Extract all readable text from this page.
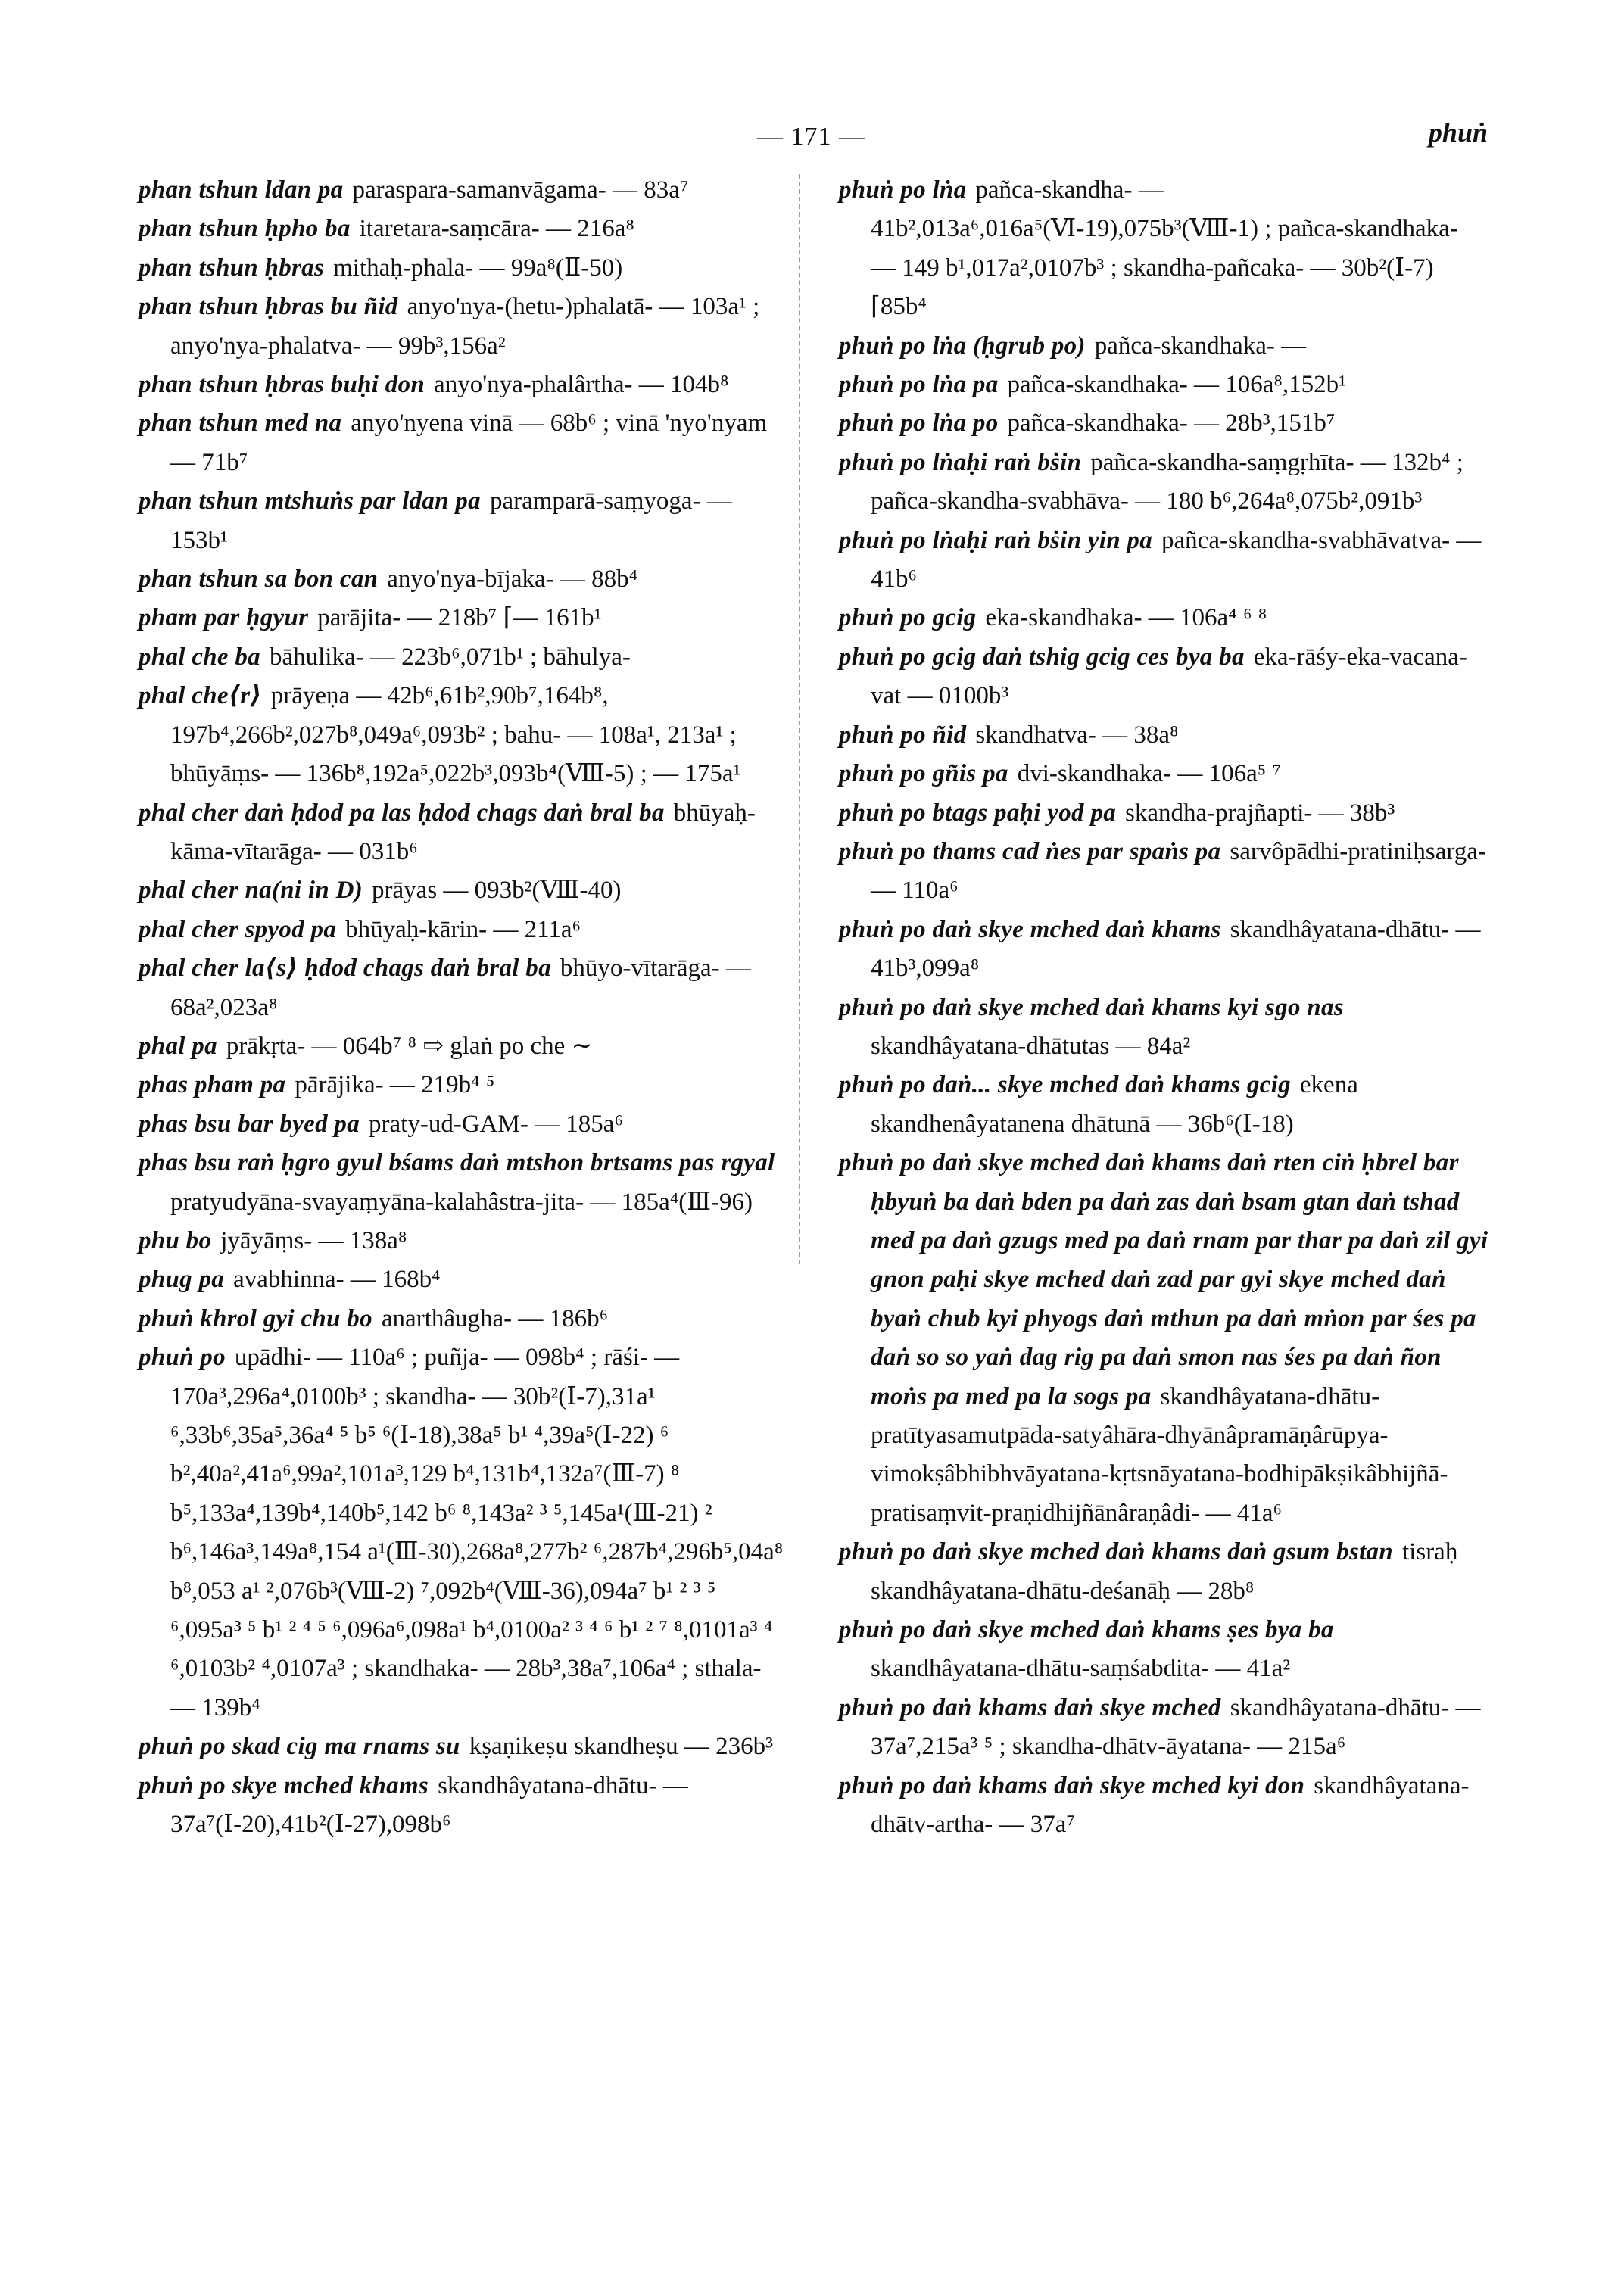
— 171 —	phuṅ

phan tshun ldan pa paraspara-samanvāgama- — 83a⁷

phan tshun ḥpho ba itaretara-saṃcāra- — 216a⁸

phan tshun ḥbras mithaḥ-phala- — 99a⁸(Ⅱ-50)

phan tshun ḥbras bu ñid anyo'nya-(hetu-)phalatā- — 103a¹ ; anyo'nya-phalatva- — 99b³,156a²

phan tshun ḥbras buḥi don anyo'nya-phalârtha- — 104b⁸

phan tshun med na anyo'nyena vinā — 68b⁶ ; vinā 'nyo'nyam — 71b⁷

phan tshun mtshuṅs par ldan pa paramparā-saṃyoga- — 153b¹

phan tshun sa bon can anyo'nya-bījaka- — 88b⁴

pham par ḥgyur parājita- — 218b⁷ ⌈— 161b¹

phal che ba bāhulika- — 223b⁶,071b¹ ; bāhulya-

phal che⟨r⟩ prāyeṇa — 42b⁶,61b²,90b⁷,164b⁸, 197b⁴,266b²,027b⁸,049a⁶,093b² ; bahu- — 108a¹, 213a¹ ; bhūyāṃs- — 136b⁸,192a⁵,022b³,093b⁴(Ⅷ-5) ; — 175a¹

phal cher daṅ ḥdod pa las ḥdod chags daṅ bral ba bhūyaḥ-kāma-vītarāga- — 031b⁶

phal cher na(ni in D) prāyas — 093b²(Ⅷ-40)

phal cher spyod pa bhūyaḥ-kārin- — 211a⁶

phal cher la⟨s⟩ ḥdod chags daṅ bral ba bhūyo-vītarāga- — 68a²,023a⁸

phal pa prākṛta- — 064b⁷ ⁸ ⇨ glaṅ po che ∼

phas pham pa pārājika- — 219b⁴ ⁵

phas bsu bar byed pa praty-ud-GAM- — 185a⁶

phas bsu raṅ ḥgro gyul bśams daṅ mtshon brtsams pas rgyalpratyudyāna-svayaṃyāna-kalahâstra-jita- — 185a⁴(Ⅲ-96)

phu bo jyāyāṃs- — 138a⁸

phug pa avabhinna- — 168b⁴

phuṅ khrol gyi chu bo anarthâugha- — 186b⁶

phuṅ po upādhi- — 110a⁶ ; puñja- — 098b⁴ ; rāśi- — 170a³,296a⁴,0100b³ ; skandha- — 30b²(Ⅰ-7),31a¹ ⁶,33b⁶,35a⁵,36a⁴ ⁵ b⁵ ⁶(Ⅰ-18),38a⁵ b¹ ⁴,39a⁵(Ⅰ-22) ⁶ b²,40a²,41a⁶,99a²,101a³,129 b⁴,131b⁴,132a⁷(Ⅲ-7) ⁸ b⁵,133a⁴,139b⁴,140b⁵,142 b⁶ ⁸,143a² ³ ⁵,145a¹(Ⅲ-21) ² b⁶,146a³,149a⁸,154 a¹(Ⅲ-30),268a⁸,277b² ⁶,287b⁴,296b⁵,04a⁸ b⁸,053 a¹ ²,076b³(Ⅷ-2) ⁷,092b⁴(Ⅷ-36),094a⁷ b¹ ² ³ ⁵ ⁶,095a³ ⁵ b¹ ² ⁴ ⁵ ⁶,096a⁶,098a¹ b⁴,0100a² ³ ⁴ ⁶ b¹ ² ⁷ ⁸,0101a³ ⁴ ⁶,0103b² ⁴,0107a³ ; skandhaka- — 28b³,38a⁷,106a⁴ ; sthala- — 139b⁴

phuṅ po skad cig ma rnams su kṣaṇikeṣu skandheṣu — 236b³

phuṅ po skye mched khams skandhâyatana-dhātu- — 37a⁷(Ⅰ-20),41b²(Ⅰ-27),098b⁶

phuṅ po lṅa pañca-skandha- — 41b²,013a⁶,016a⁵(Ⅵ-19),075b³(Ⅷ-1) ; pañca-skandhaka- — 149 b¹,017a²,0107b³ ; skandha-pañcaka- — 30b²(Ⅰ-7) ⌈85b⁴

phuṅ po lṅa (ḥgrub po) pañca-skandhaka- —

phuṅ po lṅa pa pañca-skandhaka- — 106a⁸,152b¹

phuṅ po lṅa po pañca-skandhaka- — 28b³,151b⁷

phuṅ po lṅaḥi raṅ bṡin pañca-skandha-saṃgṛhīta- — 132b⁴ ; pañca-skandha-svabhāva- — 180 b⁶,264a⁸,075b²,091b³

phuṅ po lṅaḥi raṅ bṡin yin pa pañca-skandha-svabhāvatva- — 41b⁶

phuṅ po gcig eka-skandhaka- — 106a⁴ ⁶ ⁸

phuṅ po gcig daṅ tshig gcig ces bya ba eka-rāśy-eka-vacana-vat — 0100b³

phuṅ po ñid skandhatva- — 38a⁸

phuṅ po gñis pa dvi-skandhaka- — 106a⁵ ⁷

phuṅ po btags paḥi yod pa skandha-prajñapti- — 38b³

phuṅ po thams cad ṅes par spaṅs pa sarvôpādhi-pratiniḥsarga- — 110a⁶

phuṅ po daṅ skye mched daṅ khams skandhâyatana-dhātu- — 41b³,099a⁸

phuṅ po daṅ skye mched daṅ khams kyi sgo nasskandhâyatana-dhātutas — 84a²

phuṅ po daṅ... skye mched daṅ khams gcig ekena skandhenâyatanena dhātunā — 36b⁶(Ⅰ-18)

phuṅ po daṅ skye mched daṅ khams daṅ rten ciṅ ḥbrel bar ḥbyuṅ ba daṅ bden pa daṅ zas daṅ bsam gtan daṅ tshad med pa daṅ gzugs med pa daṅ rnam par thar pa daṅ zil gyi gnon paḥi skye mched daṅ zad par gyi skye mched daṅ byaṅ chub kyi phyogs daṅ mthun pa daṅ mṅon par śes pa daṅ so so yaṅ dag rig pa daṅ smon nas śes pa daṅ ñon moṅs pa med pa la sogs pa skandhâyatana-dhātu-pratītyasamutpāda-satyâhāra-dhyānâpramāṇârūpya-vimokṣâbhibhvāyatana-kṛtsnāyatana-bodhipākṣikâbhijñā-pratisaṃvit-praṇidhijñānâraṇâdi- — 41a⁶

phuṅ po daṅ skye mched daṅ khams daṅ gsum bstan tisraḥ skandhâyatana-dhātu-deśanāḥ — 28b⁸

phuṅ po daṅ skye mched daṅ khams ṣes bya baskandhâyatana-dhātu-saṃśabdita- — 41a²

phuṅ po daṅ khams daṅ skye mched skandhâyatana-dhātu- — 37a⁷,215a³ ⁵ ; skandha-dhātv-āyatana- — 215a⁶

phuṅ po daṅ khams daṅ skye mched kyi don skandhâyatana-dhātv-artha- — 37a⁷
